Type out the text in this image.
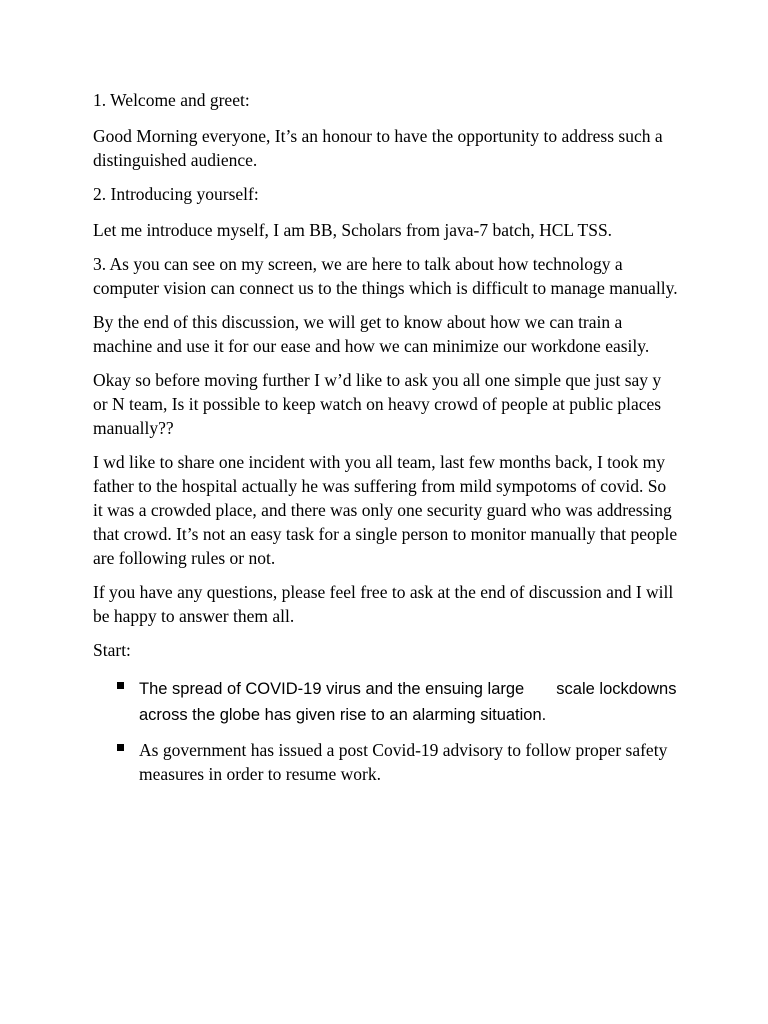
1. Welcome and greet:

Good Morning everyone, It’s an honour to have the opportunity to address such a distinguished audience.

2. Introducing yourself:

Let me introduce myself, I am BB, Scholars from java-7 batch, HCL TSS.

3. As you can see on my screen, we are here to talk about how technology a computer vision can connect us to the things which is difficult to manage manually.

By the end of this discussion, we will get to know about how we can train a machine and use it for our ease and how we can minimize our workdone easily.

Okay so before moving further I w’d like to ask you all one simple que just say y or N team, Is it possible to keep watch on heavy crowd of people at public places manually??

I wd like to share one incident with you all team, last few months back, I took my father to the hospital actually he was suffering from mild sympotoms of covid. So it was a crowded place, and there was only one security guard who was addressing that crowd. It’s not an easy task for a single person to monitor manually that people are following rules or not.

If you have any questions, please feel free to ask at the end of discussion and I will be happy to answer them all.

Start:

The spread of COVID-19 virus and the ensuing large       scale lockdowns across the globe has given rise to an alarming situation.
As government has issued a post Covid-19 advisory to follow proper safety measures in order to resume work.
